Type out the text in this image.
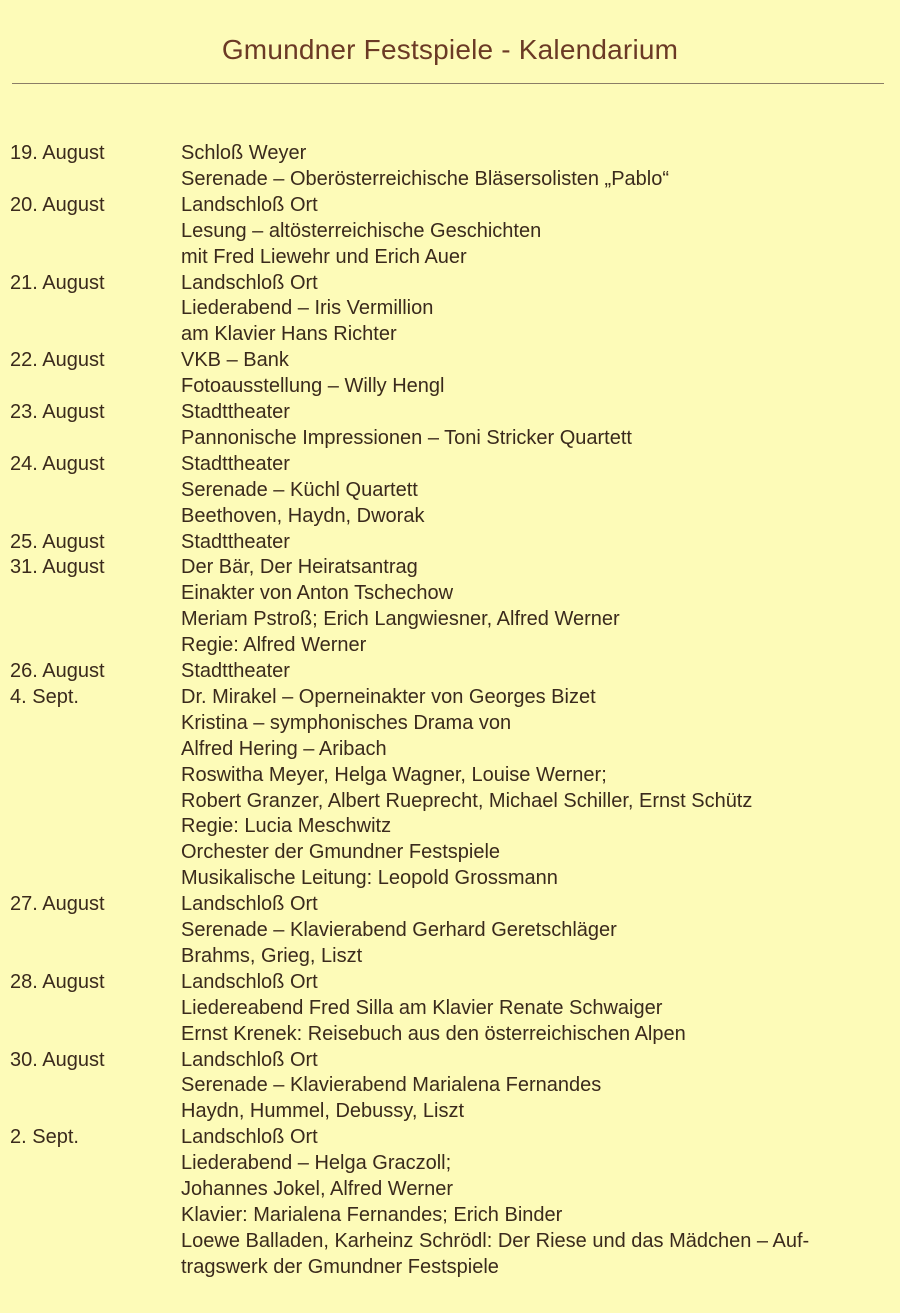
Gmundner Festspiele - Kalendarium
19. August	Schloß Weyer
Serenade – Oberösterreichische Bläsersolisten „Pablo“
20. August	Landschloß Ort
Lesung – altösterreichische Geschichten
mit Fred Liewehr und Erich Auer
21. August	Landschloß Ort
Liederabend – Iris Vermillion
am Klavier Hans Richter
22. August	VKB – Bank
Fotoausstellung – Willy Hengl
23. August	Stadttheater
Pannonische Impressionen – Toni Stricker Quartett
24. August	Stadttheater
Serenade – Küchl Quartett
Beethoven, Haydn, Dworak
25. August	Stadttheater
31. August	Der Bär, Der Heiratsantrag
Einakter von Anton Tschechow
Meriam Pstroß; Erich Langwiesner, Alfred Werner
Regie: Alfred Werner
26. August	Stadttheater
4. Sept.	Dr. Mirakel – Operneinakter von Georges Bizet
Kristina – symphonisches Drama von
Alfred Hering – Aribach
Roswitha Meyer, Helga Wagner, Louise Werner;
Robert Granzer, Albert Rueprecht, Michael Schiller, Ernst Schütz
Regie: Lucia Meschwitz
Orchester der Gmundner Festspiele
Musikalische Leitung: Leopold Grossmann
27. August	Landschloß Ort
Serenade – Klavierabend Gerhard Geretschläger
Brahms, Grieg, Liszt
28. August	Landschloß Ort
Liedereabend Fred Silla am Klavier Renate Schwaiger
Ernst Krenek: Reisebuch aus den österreichischen Alpen
30. August	Landschloß Ort
Serenade – Klavierabend Marialena Fernandes
Haydn, Hummel, Debussy, Liszt
2. Sept.	Landschloß Ort
Liederabend – Helga Graczoll;
Johannes Jokel, Alfred Werner
Klavier: Marialena Fernandes; Erich Binder
Loewe Balladen, Karheinz Schrödl: Der Riese und das Mädchen – Auf-
tragswerk der Gmundner Festspiele
